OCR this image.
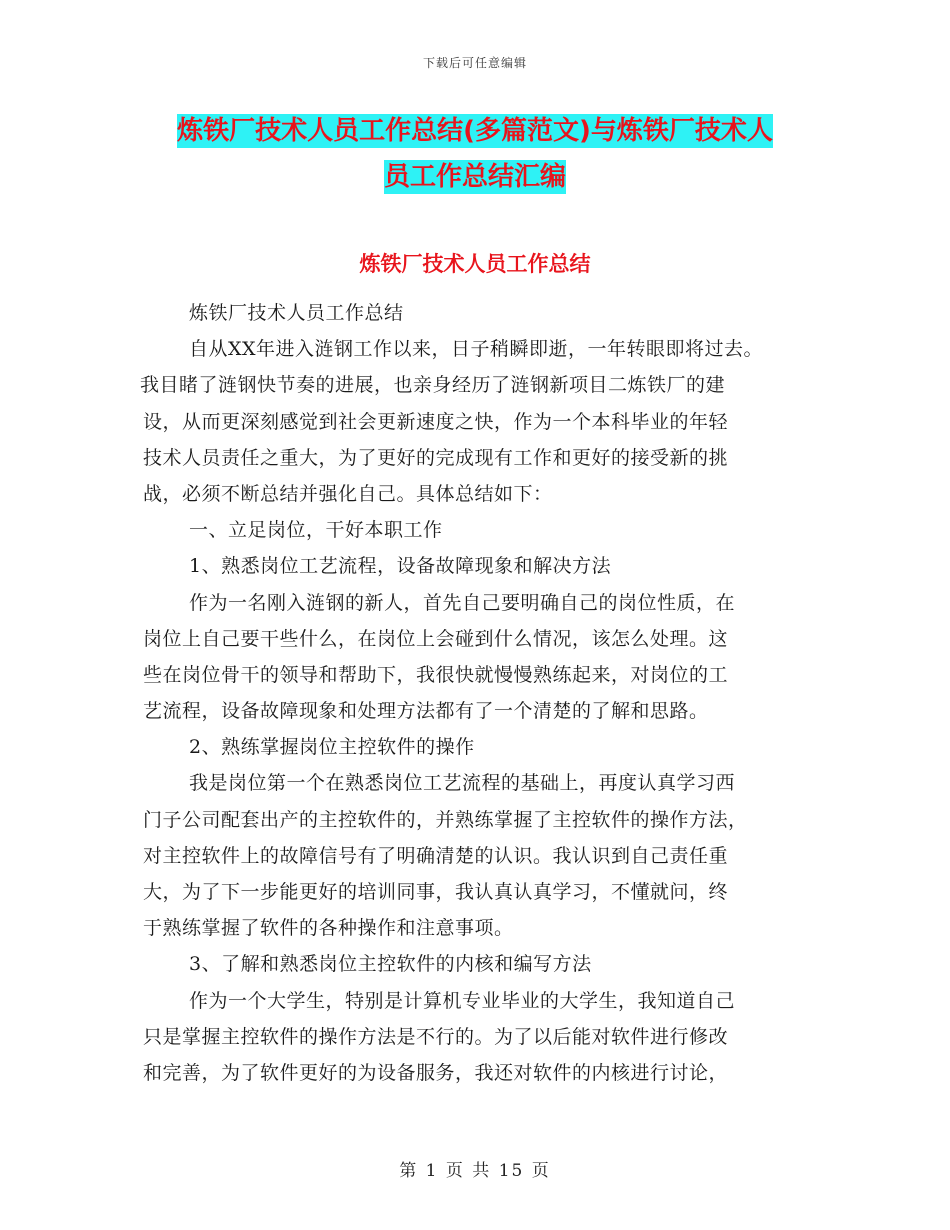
下载后可任意编辑
炼铁厂技术人员工作总结(多篇范文)与炼铁厂技术人
员工作总结汇编
炼铁厂技术人员工作总结
炼铁厂技术人员工作总结
自从XX年进入涟钢工作以来，日子稍瞬即逝，一年转眼即将过去。
我目睹了涟钢快节奏的进展，也亲身经历了涟钢新项目二炼铁厂的建
设，从而更深刻感觉到社会更新速度之快，作为一个本科毕业的年轻
技术人员责任之重大，为了更好的完成现有工作和更好的接受新的挑
战，必须不断总结并强化自己。具体总结如下：
一、立足岗位，干好本职工作
1、熟悉岗位工艺流程，设备故障现象和解决方法
作为一名刚入涟钢的新人，首先自己要明确自己的岗位性质，在
岗位上自己要干些什么，在岗位上会碰到什么情况，该怎么处理。这
些在岗位骨干的领导和帮助下，我很快就慢慢熟练起来，对岗位的工
艺流程，设备故障现象和处理方法都有了一个清楚的了解和思路。
2、熟练掌握岗位主控软件的操作
我是岗位第一个在熟悉岗位工艺流程的基础上，再度认真学习西
门子公司配套出产的主控软件的，并熟练掌握了主控软件的操作方法，
对主控软件上的故障信号有了明确清楚的认识。我认识到自己责任重
大，为了下一步能更好的培训同事，我认真认真学习，不懂就问，终
于熟练掌握了软件的各种操作和注意事项。
3、了解和熟悉岗位主控软件的内核和编写方法
作为一个大学生，特别是计算机专业毕业的大学生，我知道自己
只是掌握主控软件的操作方法是不行的。为了以后能对软件进行修改
和完善，为了软件更好的为设备服务，我还对软件的内核进行讨论，
第 1 页 共 15 页
